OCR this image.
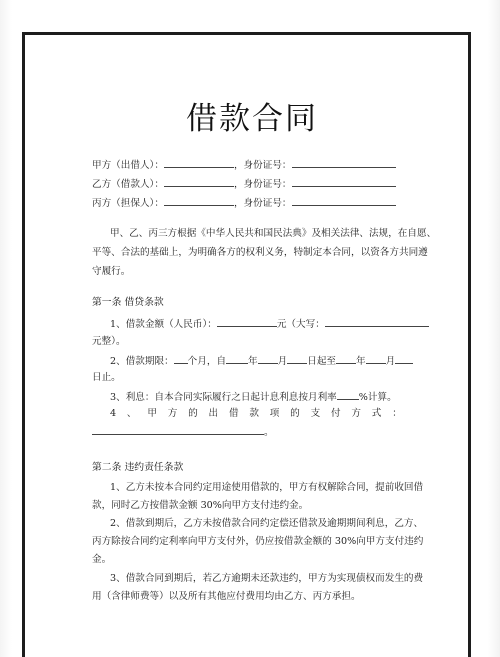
借款合同
甲方（出借人）：	，身份证号：
乙方（借款人）：	，身份证号：
丙方（担保人）：	，身份证号：
甲、乙、丙三方根据《中华人民共和国民法典》及相关法律、法规，在自愿、
平等、合法的基础上，为明确各方的权利义务，特制定本合同，以资各方共同遵
守履行。
第一条 借贷条款
1、借款金额（人民币）：	元（大写：
元整）。
2、借款期限： 个月，自 年 月 日起至 年 月
日止。
3、利息：自本合同实际履行之日起计息利息按月利率 %计算。
4 、 甲 方 的 出 借 款 项 的 支 付 方 式 ：
。
第二条 违约责任条款
1、乙方未按本合同约定用途使用借款的，甲方有权解除合同，提前收回借
款，同时乙方按借款金额 30%向甲方支付违约金。
2、借款到期后，乙方未按借款合同约定偿还借款及逾期期间利息，乙方、
丙方除按合同约定利率向甲方支付外，仍应按借款金额的 30%向甲方支付违约
金。
3、借款合同到期后，若乙方逾期未还款违约，甲方为实现债权而发生的费
用（含律师费等）以及所有其他应付费用均由乙方、丙方承担。
